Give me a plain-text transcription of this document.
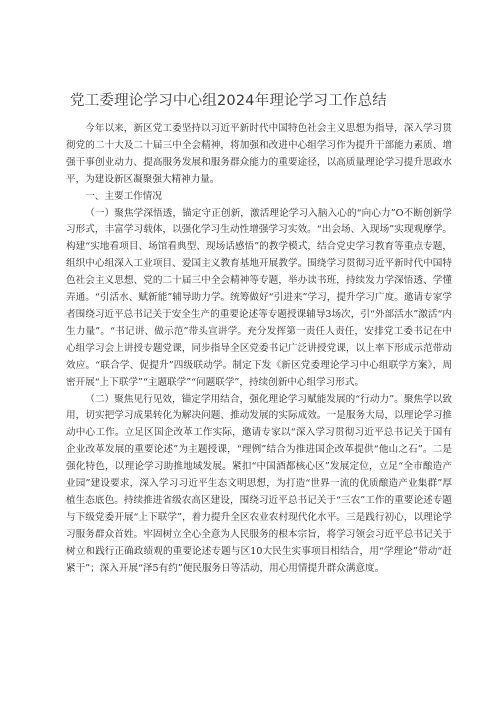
党工委理论学习中心组2024年理论学习工作总结

今年以来，新区党工委坚持以习近平新时代中国特色社会主义思想为指导，深入学习贯彻党的二十大及二十届三中全会精神，将加强和改进中心组学习作为提升干部能力素质、增强干事创业动力、提高服务发展和服务群众能力的重要途径，以高质量理论学习提升思政水平，为建设新区凝聚强大精神力量。

一、主要工作情况

（一）聚焦学深悟透，锚定守正创新，激活理论学习入脑入心的“向心力”O不断创新学习形式，丰富学习载体，以强化学习生动性增强学习实效。“出会场、入现场”实现观摩学。构建“实地看项目、场馆看典型、现场话感悟”的教学模式，结合党史学习教育等重点专题，组织中心组深入工业项目、爱国主义教育基地开展教学。围绕学习贯彻习近平新时代中国特色社会主义思想、党的二十届三中全会精神等专题，举办读书班，持续发力学深悟透、学懂弄通。“引活水、赋新能”辅导助力学。统筹做好“引进来”学习，提升学习广度。邀请专家学者围绕习近平总书记关于安全生产的重要论述等专题授课辅导3场次，引“外部活水”激活“内生力量”。“书记讲、做示范”带头宣讲学。充分发挥第一责任人责任，安排党工委书记在中心组学习会上讲授专题党课，同步指导全区党委书记广泛讲授党课，以上率下形成示范带动效应。“联合学、促提升”四级联动学。制定下发《新区党委理论学习中心组联学方案》，周密开展“上下联学”“主题联学”“问题联学”，持续创新中心组学习形式。

（二）聚焦见行见效，锚定学用结合，强化理论学习赋能发展的“行动力”。聚焦学以致用，切实把学习成果转化为解决问题、推动发展的实际成效。一是服务大局，以理论学习推动中心工作。立足区国企改革工作实际，邀请专家以“深入学习贯彻习近平总书记关于国有企业改革发展的重要论述”为主题授课，“理例”结合为推进国企改革提供“他山之石”。二是强化特色，以理论学习助推地域发展。紧扣“中国酒都核心区”发展定位，立足“全市酿造产业园”建设要求，深入学习习近平生态文明思想，为打造“世界一流的优质酿造产业集群”厚植生态底色。持续推进省级农高区建设，围绕习近平总书记关于“三农”工作的重要论述专题与下级党委开展“上下联学”，着力提升全区农业农村现代化水平。三是践行初心，以理论学习服务群众首姓。牢固树立全心全意为人民服务的根本宗旨，将学习领会习近平总书记关于树立和践行正确政绩观的重要论述专题与区10大民生实事项目相结合，用“学理论”带动“赶紧干”；深入开展“泽5有约”便民服务日等活动，用心用情提升群众满意度。
